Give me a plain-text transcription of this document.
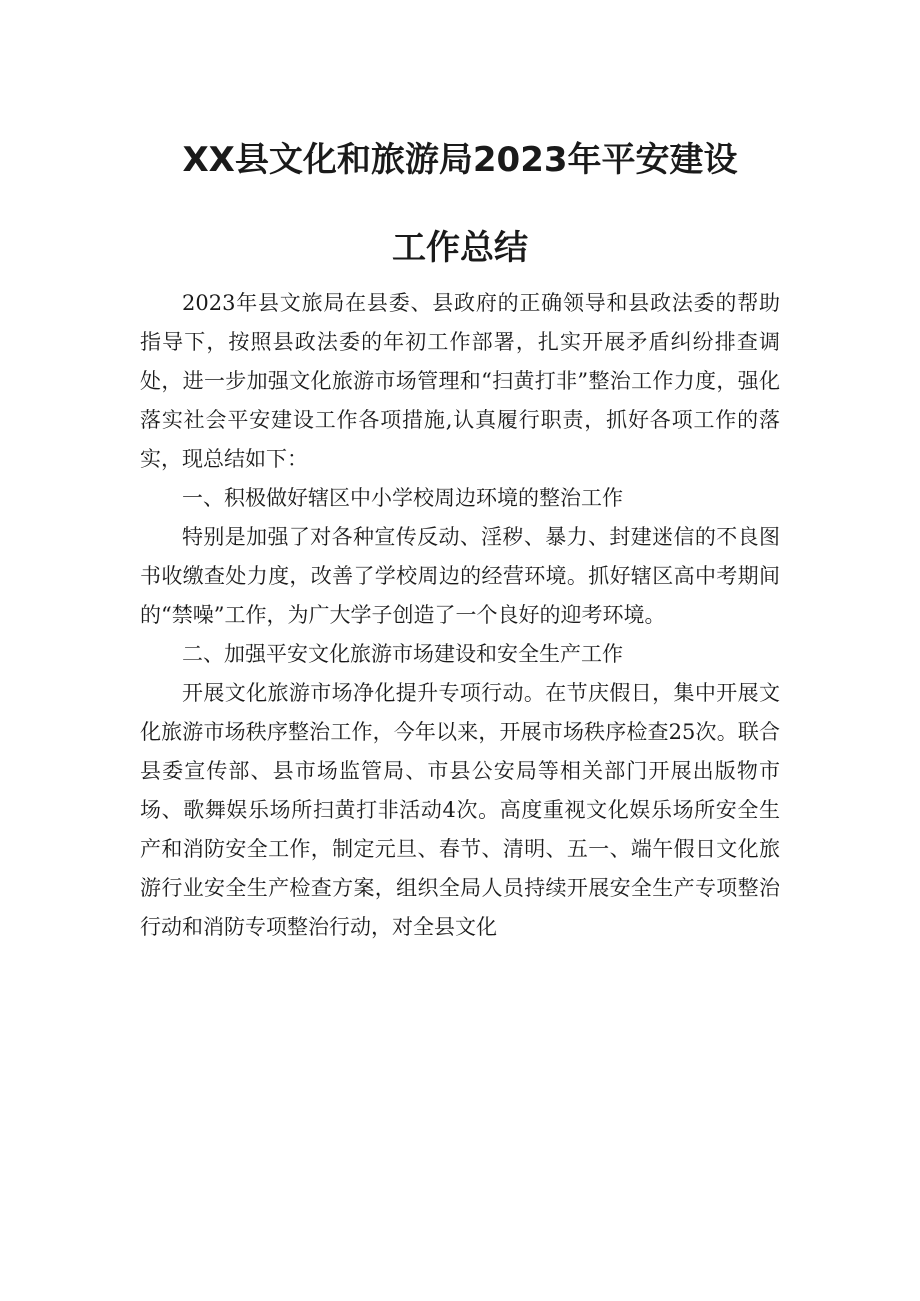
XX县文化和旅游局2023年平安建设
工作总结

2023年县文旅局在县委、县政府的正确领导和县政法委的帮助指导下，按照县政法委的年初工作部署，扎实开展矛盾纠纷排查调处，进一步加强文化旅游市场管理和“扫黄打非”整治工作力度，强化落实社会平安建设工作各项措施,认真履行职责，抓好各项工作的落实，现总结如下：

一、积极做好辖区中小学校周边环境的整治工作

特别是加强了对各种宣传反动、淫秽、暴力、封建迷信的不良图书收缴查处力度，改善了学校周边的经营环境。抓好辖区高中考期间的“禁噪”工作，为广大学子创造了一个良好的迎考环境。

二、加强平安文化旅游市场建设和安全生产工作

开展文化旅游市场净化提升专项行动。在节庆假日，集中开展文化旅游市场秩序整治工作，今年以来，开展市场秩序检查25次。联合县委宣传部、县市场监管局、市县公安局等相关部门开展出版物市场、歌舞娱乐场所扫黄打非活动4次。高度重视文化娱乐场所安全生产和消防安全工作，制定元旦、春节、清明、五一、端午假日文化旅游行业安全生产检查方案，组织全局人员持续开展安全生产专项整治行动和消防专项整治行动，对全县文化
